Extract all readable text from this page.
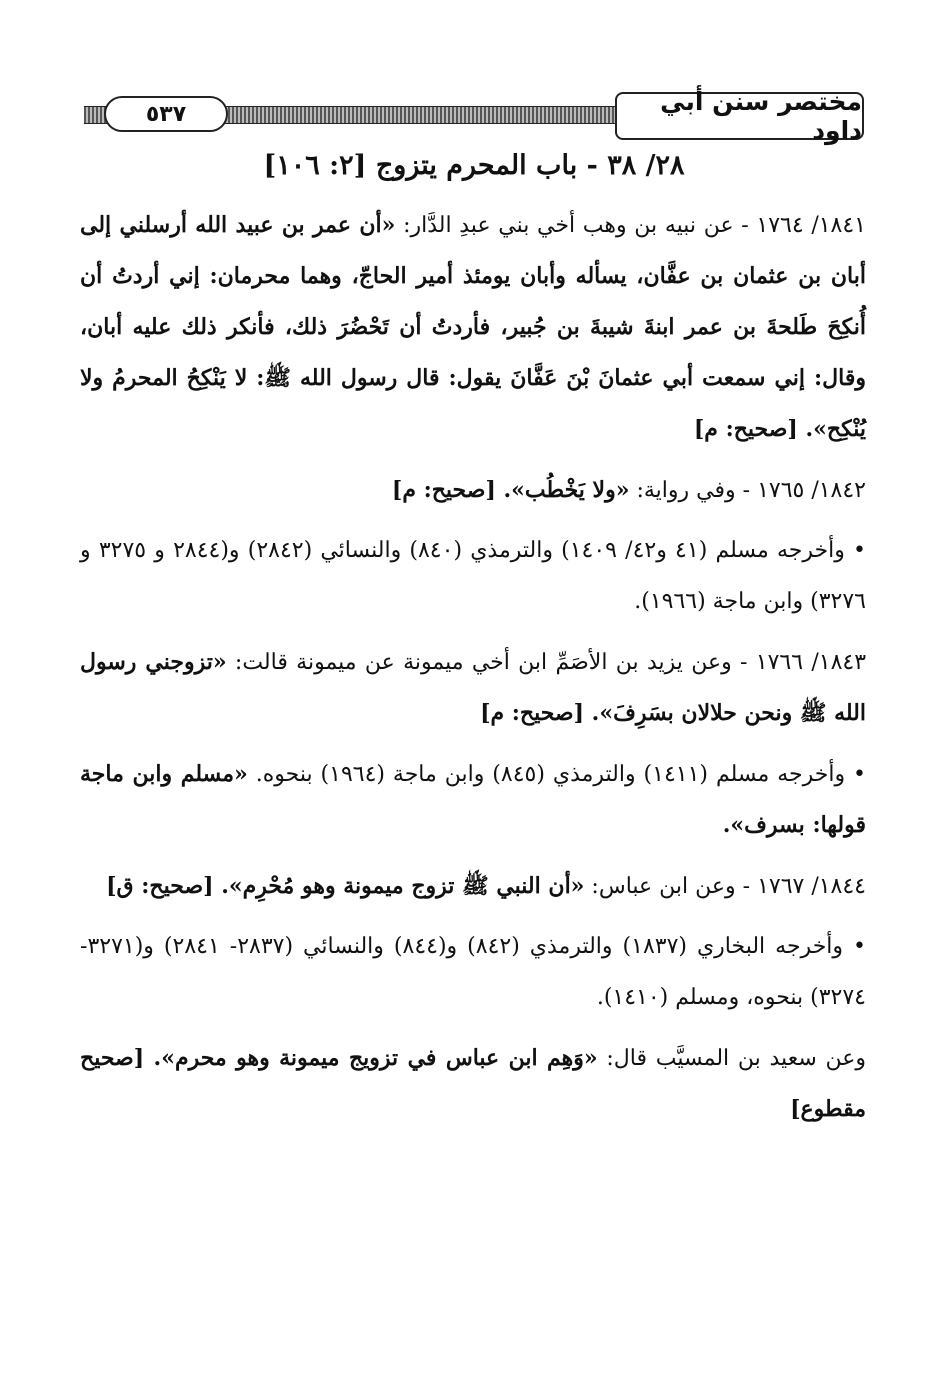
٥٣٧	مختصر سنن أبي داود
٢٨/ ٣٨ - باب المحرم يتزوج [٢: ١٠٦]

١٨٤١/ ١٧٦٤ - عن نبيه بن وهب أخي بني عبدِ الدَّار: «أن عمر بن عبيد الله أرسلني إلى أبان بن عثمان بن عفَّان، يسأله وأبان يومئذ أمير الحاجّ، وهما محرمان: إني أردتُ أن أُنكِحَ طَلحةَ بن عمر ابنةَ شيبةَ بن جُبير، فأردتُ أن تَحْضُرَ ذلك، فأنكر ذلك عليه أبان، وقال: إني سمعت أبي عثمانَ بْنَ عَفَّانَ يقول: قال رسول الله ﷺ: لا يَنْكِحُ المحرمُ ولا يُنْكِح». [صحيح: م]

١٨٤٢/ ١٧٦٥ - وفي رواية: «ولا يَخْطُب». [صحيح: م]

• وأخرجه مسلم (٤١ و٤٢/ ١٤٠٩) والترمذي (٨٤٠) والنسائي (٢٨٤٢) و(٢٨٤٤ و ٣٢٧٥ و ٣٢٧٦) وابن ماجة (١٩٦٦).

١٨٤٣/ ١٧٦٦ - وعن يزيد بن الأصَمِّ ابن أخي ميمونة عن ميمونة قالت: «تزوجني رسول الله ﷺ ونحن حلالان بسَرِفَ». [صحيح: م]

• وأخرجه مسلم (١٤١١) والترمذي (٨٤٥) وابن ماجة (١٩٦٤) بنحوه. «مسلم وابن ماجة قولها: بسرف».

١٨٤٤/ ١٧٦٧ - وعن ابن عباس: «أن النبي ﷺ تزوج ميمونة وهو مُحْرِم». [صحيح: ق]

• وأخرجه البخاري (١٨٣٧) والترمذي (٨٤٢) و(٨٤٤) والنسائي (٢٨٣٧- ٢٨٤١) و(٣٢٧١- ٣٢٧٤) بنحوه، ومسلم (١٤١٠).

وعن سعيد بن المسيَّب قال: «وَهِم ابن عباس في تزويج ميمونة وهو محرم». [صحيح مقطوع]
